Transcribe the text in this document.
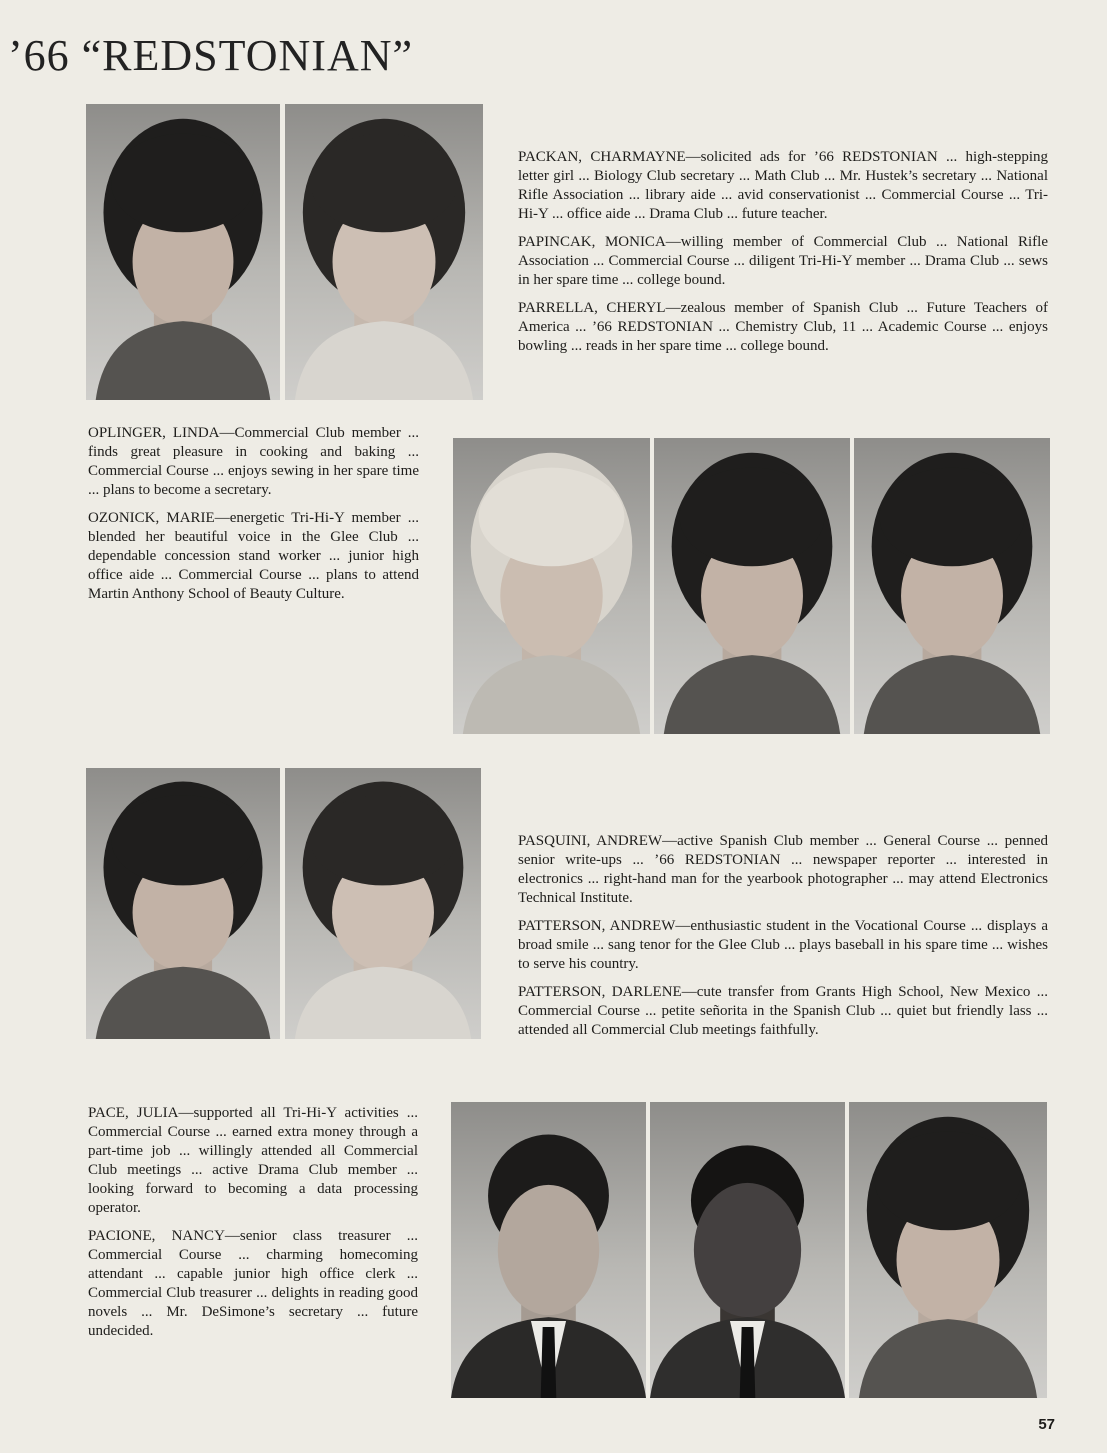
’66 “REDSTONIAN”

PACKAN, CHARMAYNE—solicited ads for ’66 REDSTONIAN ... high-stepping letter girl ... Biology Club secretary ... Math Club ... Mr. Hustek’s secretary ... National Rifle Association ... library aide ... avid conservationist ... Commercial Course ... Tri-Hi-Y ... office aide ... Drama Club ... future teacher.

PAPINCAK, MONICA—willing member of Commercial Club ... National Rifle Association ... Commercial Course ... diligent Tri-Hi-Y member ... Drama Club ... sews in her spare time ... college bound.

PARRELLA, CHERYL—zealous member of Spanish Club ... Future Teachers of America ... ’66 REDSTONIAN ... Chemistry Club, 11 ... Academic Course ... enjoys bowling ... reads in her spare time ... college bound.

OPLINGER, LINDA—Commercial Club member ... finds great pleasure in cooking and baking ... Commercial Course ... enjoys sewing in her spare time ... plans to become a secretary.

OZONICK, MARIE—energetic Tri-Hi-Y member ... blended her beautiful voice in the Glee Club ... dependable concession stand worker ... junior high office aide ... Commercial Course ... plans to attend Martin Anthony School of Beauty Culture.

PASQUINI, ANDREW—active Spanish Club member ... General Course ... penned senior write-ups ... ’66 REDSTONIAN ... newspaper reporter ... interested in electronics ... right-hand man for the yearbook photographer ... may attend Electronics Technical Institute.

PATTERSON, ANDREW—enthusiastic student in the Vocational Course ... displays a broad smile ... sang tenor for the Glee Club ... plays baseball in his spare time ... wishes to serve his country.

PATTERSON, DARLENE—cute transfer from Grants High School, New Mexico ... Commercial Course ... petite señorita in the Spanish Club ... quiet but friendly lass ... attended all Commercial Club meetings faithfully.

PACE, JULIA—supported all Tri-Hi-Y activities ... Commercial Course ... earned extra money through a part-time job ... willingly attended all Commercial Club meetings ... active Drama Club member ... looking forward to becoming a data processing operator.

PACIONE, NANCY—senior class treasurer ... Commercial Course ... charming homecoming attendant ... capable junior high office clerk ... Commercial Club treasurer ... delights in reading good novels ... Mr. DeSimone’s secretary ... future undecided.

57
